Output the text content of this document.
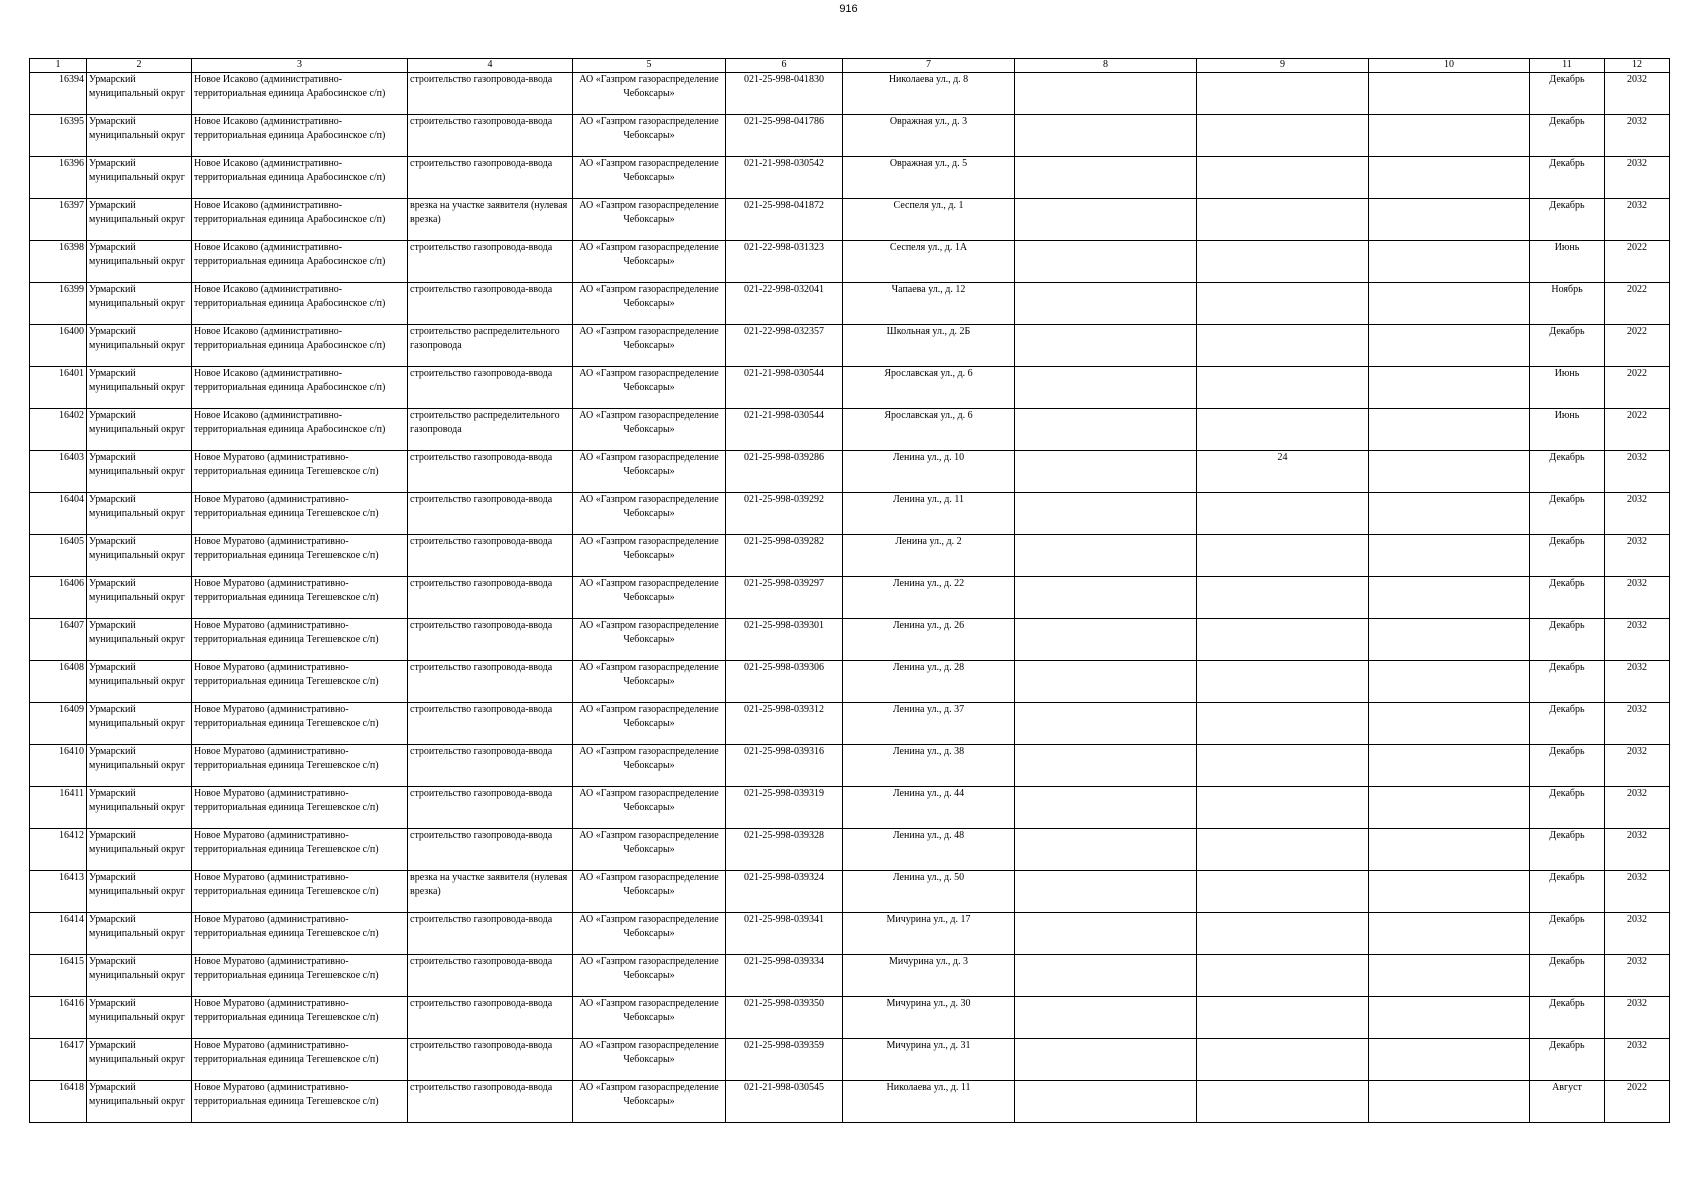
916
1	2	3	4	5	6	7	8	9	10	11	12

16394	Урмарский муниципальный округ	Новое Исаково (административно-территориальная единица Арабосинское с/п)	строительство газопровода-ввода	АО «Газпром газораспределение Чебоксары»	021-25-998-041830	Николаева ул., д. 8				Декабрь	2032

16395	Урмарский муниципальный округ	Новое Исаково (административно-территориальная единица Арабосинское с/п)	строительство газопровода-ввода	АО «Газпром газораспределение Чебоксары»	021-25-998-041786	Овражная ул., д. 3				Декабрь	2032

16396	Урмарский муниципальный округ	Новое Исаково (административно-территориальная единица Арабосинское с/п)	строительство газопровода-ввода	АО «Газпром газораспределение Чебоксары»	021-21-998-030542	Овражная ул., д. 5				Декабрь	2032

16397	Урмарский муниципальный округ	Новое Исаково (административно-территориальная единица Арабосинское с/п)	врезка на участке заявителя (нулевая врезка)	АО «Газпром газораспределение Чебоксары»	021-25-998-041872	Сеспеля ул., д. 1				Декабрь	2032

16398	Урмарский муниципальный округ	Новое Исаково (административно-территориальная единица Арабосинское с/п)	строительство газопровода-ввода	АО «Газпром газораспределение Чебоксары»	021-22-998-031323	Сеспеля ул., д. 1А				Июнь	2022

16399	Урмарский муниципальный округ	Новое Исаково (административно-территориальная единица Арабосинское с/п)	строительство газопровода-ввода	АО «Газпром газораспределение Чебоксары»	021-22-998-032041	Чапаева ул., д. 12				Ноябрь	2022

16400	Урмарский муниципальный округ	Новое Исаково (административно-территориальная единица Арабосинское с/п)	строительство распределительного газопровода	АО «Газпром газораспределение Чебоксары»	021-22-998-032357	Школьная ул., д. 2Б				Декабрь	2022

16401	Урмарский муниципальный округ	Новое Исаково (административно-территориальная единица Арабосинское с/п)	строительство газопровода-ввода	АО «Газпром газораспределение Чебоксары»	021-21-998-030544	Ярославская ул., д. 6				Июнь	2022

16402	Урмарский муниципальный округ	Новое Исаково (административно-территориальная единица Арабосинское с/п)	строительство распределительного газопровода	АО «Газпром газораспределение Чебоксары»	021-21-998-030544	Ярославская ул., д. 6				Июнь	2022

16403	Урмарский муниципальный округ	Новое Муратово (административно-территориальная единица Тегешевское с/п)	строительство газопровода-ввода	АО «Газпром газораспределение Чебоксары»	021-25-998-039286	Ленина ул., д. 10		24		Декабрь	2032

16404	Урмарский муниципальный округ	Новое Муратово (административно-территориальная единица Тегешевское с/п)	строительство газопровода-ввода	АО «Газпром газораспределение Чебоксары»	021-25-998-039292	Ленина ул., д. 11				Декабрь	2032

16405	Урмарский муниципальный округ	Новое Муратово (административно-территориальная единица Тегешевское с/п)	строительство газопровода-ввода	АО «Газпром газораспределение Чебоксары»	021-25-998-039282	Ленина ул., д. 2				Декабрь	2032

16406	Урмарский муниципальный округ	Новое Муратово (административно-территориальная единица Тегешевское с/п)	строительство газопровода-ввода	АО «Газпром газораспределение Чебоксары»	021-25-998-039297	Ленина ул., д. 22				Декабрь	2032

16407	Урмарский муниципальный округ	Новое Муратово (административно-территориальная единица Тегешевское с/п)	строительство газопровода-ввода	АО «Газпром газораспределение Чебоксары»	021-25-998-039301	Ленина ул., д. 26				Декабрь	2032

16408	Урмарский муниципальный округ	Новое Муратово (административно-территориальная единица Тегешевское с/п)	строительство газопровода-ввода	АО «Газпром газораспределение Чебоксары»	021-25-998-039306	Ленина ул., д. 28				Декабрь	2032

16409	Урмарский муниципальный округ	Новое Муратово (административно-территориальная единица Тегешевское с/п)	строительство газопровода-ввода	АО «Газпром газораспределение Чебоксары»	021-25-998-039312	Ленина ул., д. 37				Декабрь	2032

16410	Урмарский муниципальный округ	Новое Муратово (административно-территориальная единица Тегешевское с/п)	строительство газопровода-ввода	АО «Газпром газораспределение Чебоксары»	021-25-998-039316	Ленина ул., д. 38				Декабрь	2032

16411	Урмарский муниципальный округ	Новое Муратово (административно-территориальная единица Тегешевское с/п)	строительство газопровода-ввода	АО «Газпром газораспределение Чебоксары»	021-25-998-039319	Ленина ул., д. 44				Декабрь	2032

16412	Урмарский муниципальный округ	Новое Муратово (административно-территориальная единица Тегешевское с/п)	строительство газопровода-ввода	АО «Газпром газораспределение Чебоксары»	021-25-998-039328	Ленина ул., д. 48				Декабрь	2032

16413	Урмарский муниципальный округ	Новое Муратово (административно-территориальная единица Тегешевское с/п)	врезка на участке заявителя (нулевая врезка)	АО «Газпром газораспределение Чебоксары»	021-25-998-039324	Ленина ул., д. 50				Декабрь	2032

16414	Урмарский муниципальный округ	Новое Муратово (административно-территориальная единица Тегешевское с/п)	строительство газопровода-ввода	АО «Газпром газораспределение Чебоксары»	021-25-998-039341	Мичурина ул., д. 17				Декабрь	2032

16415	Урмарский муниципальный округ	Новое Муратово (административно-территориальная единица Тегешевское с/п)	строительство газопровода-ввода	АО «Газпром газораспределение Чебоксары»	021-25-998-039334	Мичурина ул., д. 3				Декабрь	2032

16416	Урмарский муниципальный округ	Новое Муратово (административно-территориальная единица Тегешевское с/п)	строительство газопровода-ввода	АО «Газпром газораспределение Чебоксары»	021-25-998-039350	Мичурина ул., д. 30				Декабрь	2032

16417	Урмарский муниципальный округ	Новое Муратово (административно-территориальная единица Тегешевское с/п)	строительство газопровода-ввода	АО «Газпром газораспределение Чебоксары»	021-25-998-039359	Мичурина ул., д. 31				Декабрь	2032

16418	Урмарский муниципальный округ	Новое Муратово (административно-территориальная единица Тегешевское с/п)	строительство газопровода-ввода	АО «Газпром газораспределение Чебоксары»	021-21-998-030545	Николаева ул., д. 11				Август	2022
